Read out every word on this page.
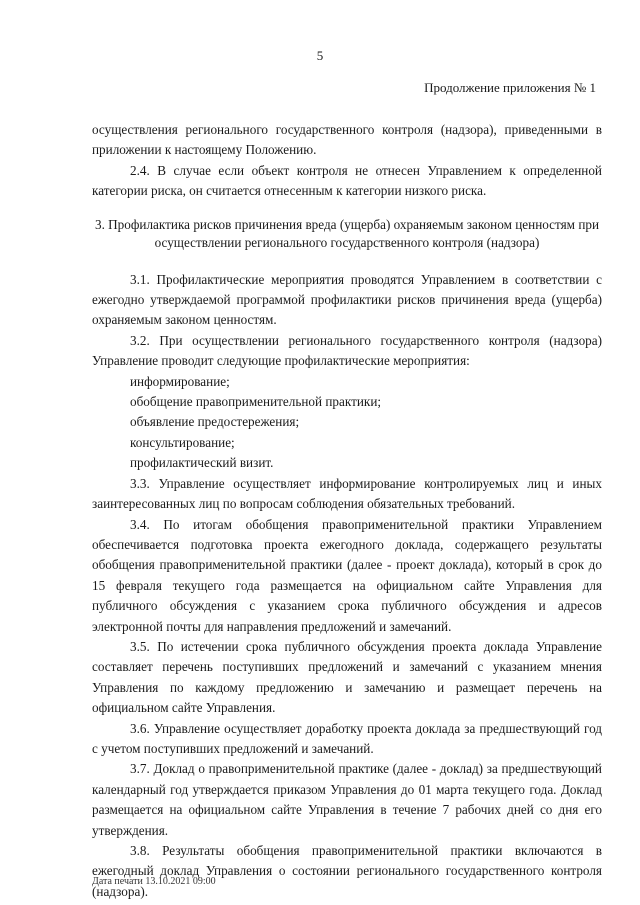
5
Продолжение приложения № 1

осуществления регионального государственного контроля (надзора), приведенными в приложении к настоящему Положению.

2.4. В случае если объект контроля не отнесен Управлением к определенной категории риска, он считается отнесенным к категории низкого риска.

3. Профилактика рисков причинения вреда (ущерба) охраняемым законом ценностям при осуществлении регионального государственного контроля (надзора)

3.1. Профилактические мероприятия проводятся Управлением в соответствии с ежегодно утверждаемой программой профилактики рисков причинения вреда (ущерба) охраняемым законом ценностям.

3.2. При осуществлении регионального государственного контроля (надзора) Управление проводит следующие профилактические мероприятия:

информирование;

обобщение правоприменительной практики;

объявление предостережения;

консультирование;

профилактический визит.

3.3. Управление осуществляет информирование контролируемых лиц и иных заинтересованных лиц по вопросам соблюдения обязательных требований.

3.4. По итогам обобщения правоприменительной практики Управлением обеспечивается подготовка проекта ежегодного доклада, содержащего результаты обобщения правоприменительной практики (далее - проект доклада), который в срок до 15 февраля текущего года размещается на официальном сайте Управления для публичного обсуждения с указанием срока публичного обсуждения и адресов электронной почты для направления предложений и замечаний.

3.5. По истечении срока публичного обсуждения проекта доклада Управление составляет перечень поступивших предложений и замечаний с указанием мнения Управления по каждому предложению и замечанию и размещает перечень на официальном сайте Управления.

3.6. Управление осуществляет доработку проекта доклада за предшествующий год с учетом поступивших предложений и замечаний.

3.7. Доклад о правоприменительной практике (далее - доклад) за предшествующий календарный год утверждается приказом Управления до 01 марта текущего года. Доклад размещается на официальном сайте Управления в течение 7 рабочих дней со дня его утверждения.

3.8. Результаты обобщения правоприменительной практики включаются в ежегодный доклад Управления о состоянии регионального государственного контроля (надзора).

Дата печати 13.10.2021 09:00
